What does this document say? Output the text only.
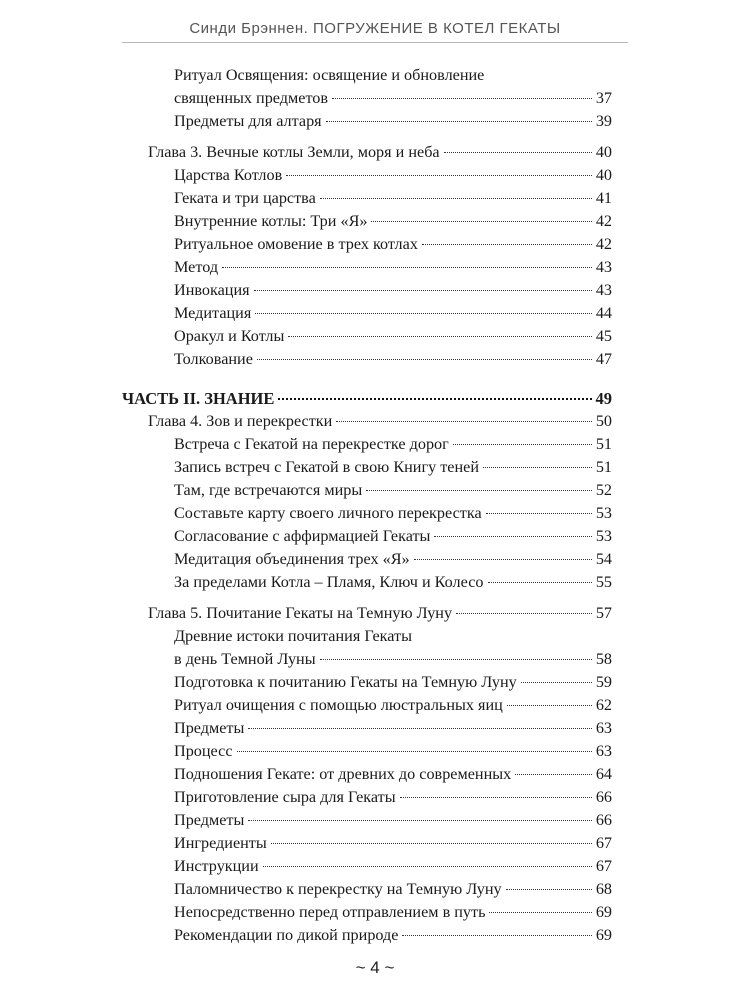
Синди Брэннен. ПОГРУЖЕНИЕ В КОТЕЛ ГЕКАТЫ
Ритуал Освящения: освящение и обновление
священных предметов	37
Предметы для алтаря	39
Глава 3. Вечные котлы Земли, моря и неба	40
Царства Котлов	40
Геката и три царства	41
Внутренние котлы: Три «Я»	42
Ритуальное омовение в трех котлах	42
Метод	43
Инвокация	43
Медитация	44
Оракул и Котлы	45
Толкование	47
ЧАСТЬ II. ЗНАНИЕ	49
Глава 4. Зов и перекрестки	50
Встреча с Гекатой на перекрестке дорог	51
Запись встреч с Гекатой в свою Книгу теней	51
Там, где встречаются миры	52
Составьте карту своего личного перекрестка	53
Согласование с аффирмацией Гекаты	53
Медитация объединения трех «Я»	54
За пределами Котла – Пламя, Ключ и Колесо	55
Глава 5. Почитание Гекаты на Темную Луну	57
Древние истоки почитания Гекаты
в день Темной Луны	58
Подготовка к почитанию Гекаты на Темную Луну	59
Ритуал очищения с помощью люстральных яиц	62
Предметы	63
Процесс	63
Подношения Гекате: от древних до современных	64
Приготовление сыра для Гекаты	66
Предметы	66
Ингредиенты	67
Инструкции	67
Паломничество к перекрестку на Темную Луну	68
Непосредственно перед отправлением в путь	69
Рекомендации по дикой природе	69
~ 4 ~
